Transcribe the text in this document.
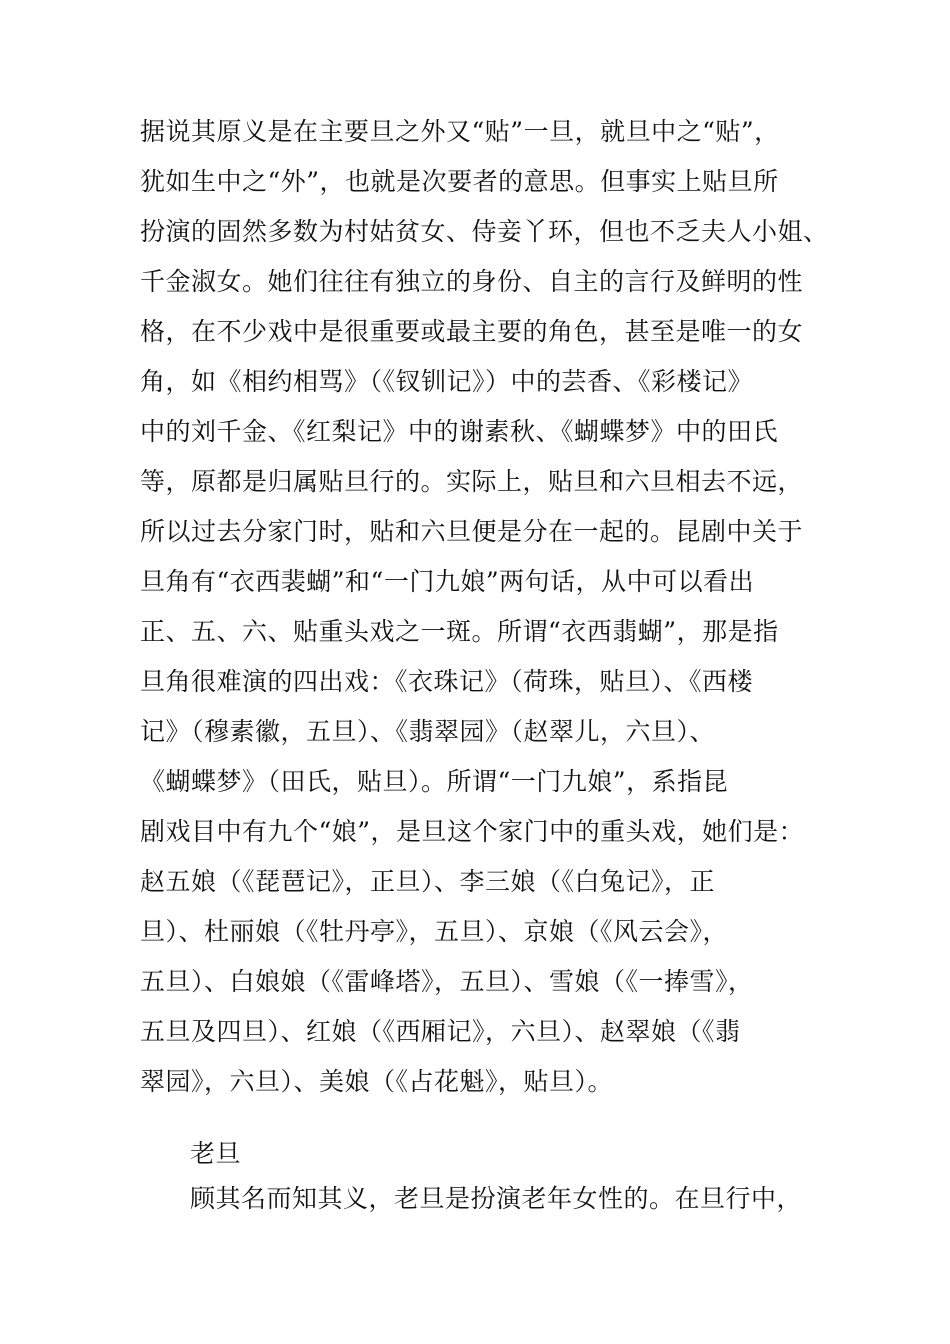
据说其原义是在主要旦之外又“贴”一旦，就旦中之“贴”，
犹如生中之“外”，也就是次要者的意思。但事实上贴旦所
扮演的固然多数为村姑贫女、侍妾丫环，但也不乏夫人小姐、
千金淑女。她们往往有独立的身份、自主的言行及鲜明的性
格，在不少戏中是很重要或最主要的角色，甚至是唯一的女
角，如《相约相骂》（《钗钏记》）中的芸香、《彩楼记》
中的刘千金、《红梨记》中的谢素秋、《蝴蝶梦》中的田氏
等，原都是归属贴旦行的。实际上，贴旦和六旦相去不远，
所以过去分家门时，贴和六旦便是分在一起的。昆剧中关于
旦角有“衣西裴蝴”和“一门九娘”两句话，从中可以看出
正、五、六、贴重头戏之一斑。所谓“衣西翡蝴”，那是指
旦角很难演的四出戏：《衣珠记》（荷珠，贴旦）、《西楼
记》（穆素徽，五旦）、《翡翠园》（赵翠儿，六旦）、
《蝴蝶梦》（田氏，贴旦）。所谓“一门九娘”，系指昆
剧戏目中有九个“娘”，是旦这个家门中的重头戏，她们是：
赵五娘（《琵琶记》，正旦）、李三娘（《白兔记》，正
旦）、杜丽娘（《牡丹亭》，五旦）、京娘（《风云会》，
五旦）、白娘娘（《雷峰塔》，五旦）、雪娘（《一捧雪》，
五旦及四旦）、红娘（《西厢记》，六旦）、赵翠娘（《翡
翠园》，六旦）、美娘（《占花魁》，贴旦）。
老旦
顾其名而知其义，老旦是扮演老年女性的。在旦行中，
